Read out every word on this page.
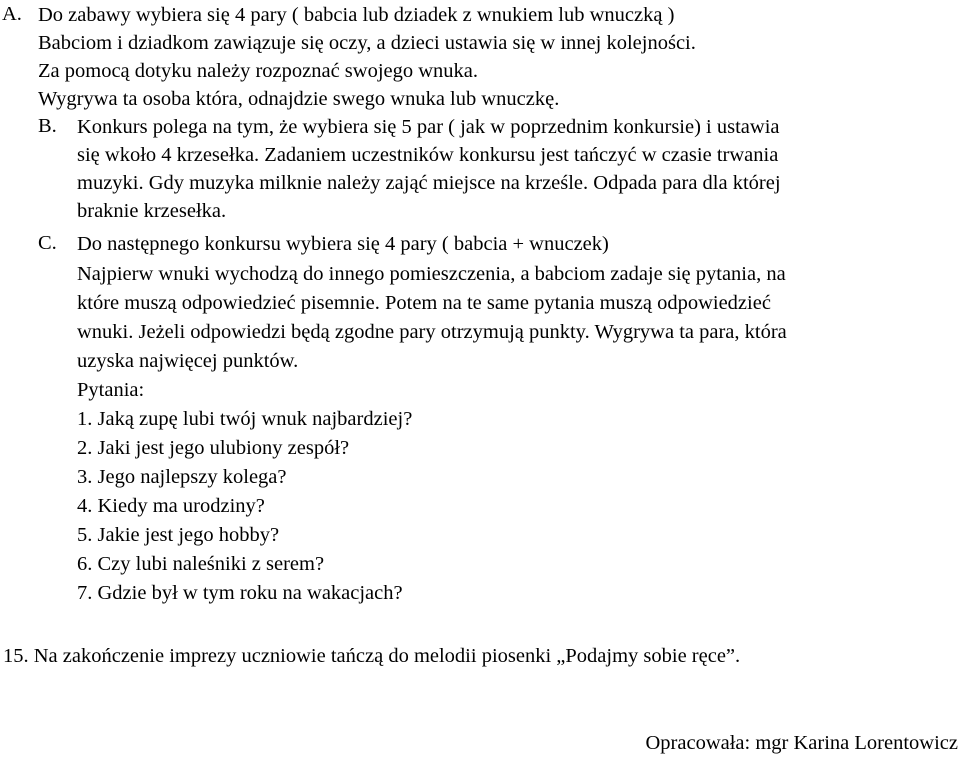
A. Do zabawy wybiera się 4 pary ( babcia lub dziadek z wnukiem lub wnuczką )
Babciom i dziadkom zawiązuje się oczy, a dzieci ustawia się w innej kolejności.
Za pomocą dotyku należy rozpoznać swojego wnuka.
Wygrywa ta osoba która, odnajdzie swego wnuka lub wnuczkę.
B. Konkurs polega na tym, że wybiera się 5 par ( jak w poprzednim konkursie) i ustawia
się wkoło 4 krzesełka. Zadaniem uczestników konkursu jest tańczyć w czasie trwania
muzyki. Gdy muzyka milknie należy zająć miejsce na krześle. Odpada para dla której
braknie krzesełka.
C. Do następnego konkursu wybiera się 4 pary ( babcia + wnuczek)
Najpierw wnuki wychodzą do innego pomieszczenia, a babciom zadaje się pytania, na
które muszą odpowiedzieć pisemnie. Potem na te same pytania muszą odpowiedzieć
wnuki. Jeżeli odpowiedzi będą zgodne pary otrzymują punkty. Wygrywa ta para, która
uzyska najwięcej punktów.
Pytania:
1. Jaką zupę lubi twój wnuk najbardziej?
2. Jaki jest jego ulubiony zespół?
3. Jego najlepszy kolega?
4. Kiedy ma urodziny?
5. Jakie jest jego hobby?
6. Czy lubi naleśniki z serem?
7. Gdzie był w tym roku na wakacjach?
15. Na zakończenie imprezy uczniowie tańczą do melodii piosenki „Podajmy sobie ręce”.
Opracowała: mgr Karina Lorentowicz
